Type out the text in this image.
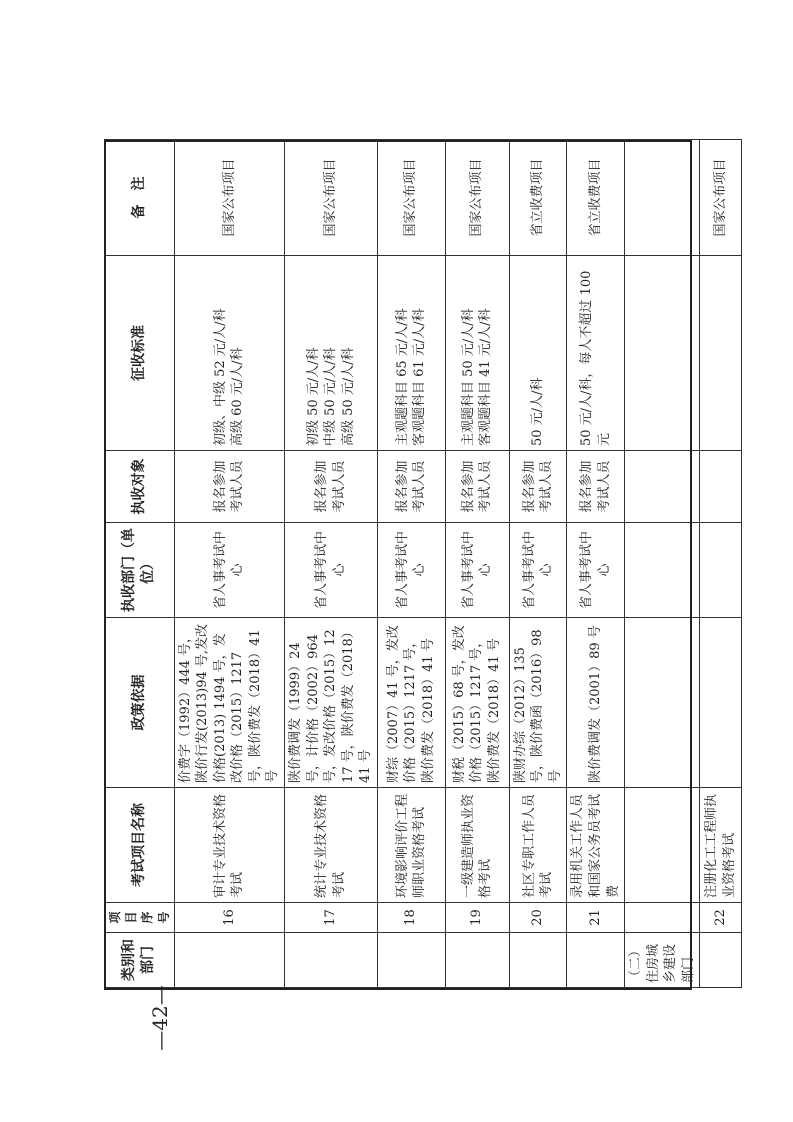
类别和部门	项目序号	考试项目名称	政策依据	执收部门（单位）	执收对象	征收标准	备　注
	16	审计专业技术资格考试	价费字（1992）444 号，陕价行发(2013)94 号,发改价格(2013) 1494 号，发改价格（2015）1217 号，陕价费发（2018）41 号	省人事考试中心	报名参加考试人员	初级、中级 52 元/人/科 高级 60 元/人/科	国家公布项目
	17	统计专业技术资格考试	陕价费调发（1999）24 号，计价格（2002）964 号，发改价格（2015）1217 号，陕价费发（2018）41 号	省人事考试中心	报名参加考试人员	初级 50 元/人/科 中级 50 元/人/科 高级 50 元/人/科	国家公布项目
	18	环境影响评价工程师职业资格考试	财综（2007）41 号，发改价格（2015）1217 号，陕价费发（2018）41 号	省人事考试中心	报名参加考试人员	主观题科目 65 元/人/科 客观题科目 61 元/人/科	国家公布项目
	19	一级建造师执业资格考试	财税（2015）68 号，发改价格（2015）1217 号，陕价费发（2018）41 号	省人事考试中心	报名参加考试人员	主观题科目 50 元/人/科 客观题科目 41 元/人/科	国家公布项目
	20	社区专职工作人员考试	陕财办综（2012）135 号，陕价费函（2016）98 号	省人事考试中心	报名参加考试人员	50 元/人/科	省立收费项目
	21	录用机关工作人员和国家公务员考试费	陕价费调发（2001）89 号	省人事考试中心	报名参加考试人员	50 元/人/科，每人不超过 100 元	省立收费项目
（二）住房城乡建设部门							
	22	注册化工工程师执业资格考试					国家公布项目
—42—
